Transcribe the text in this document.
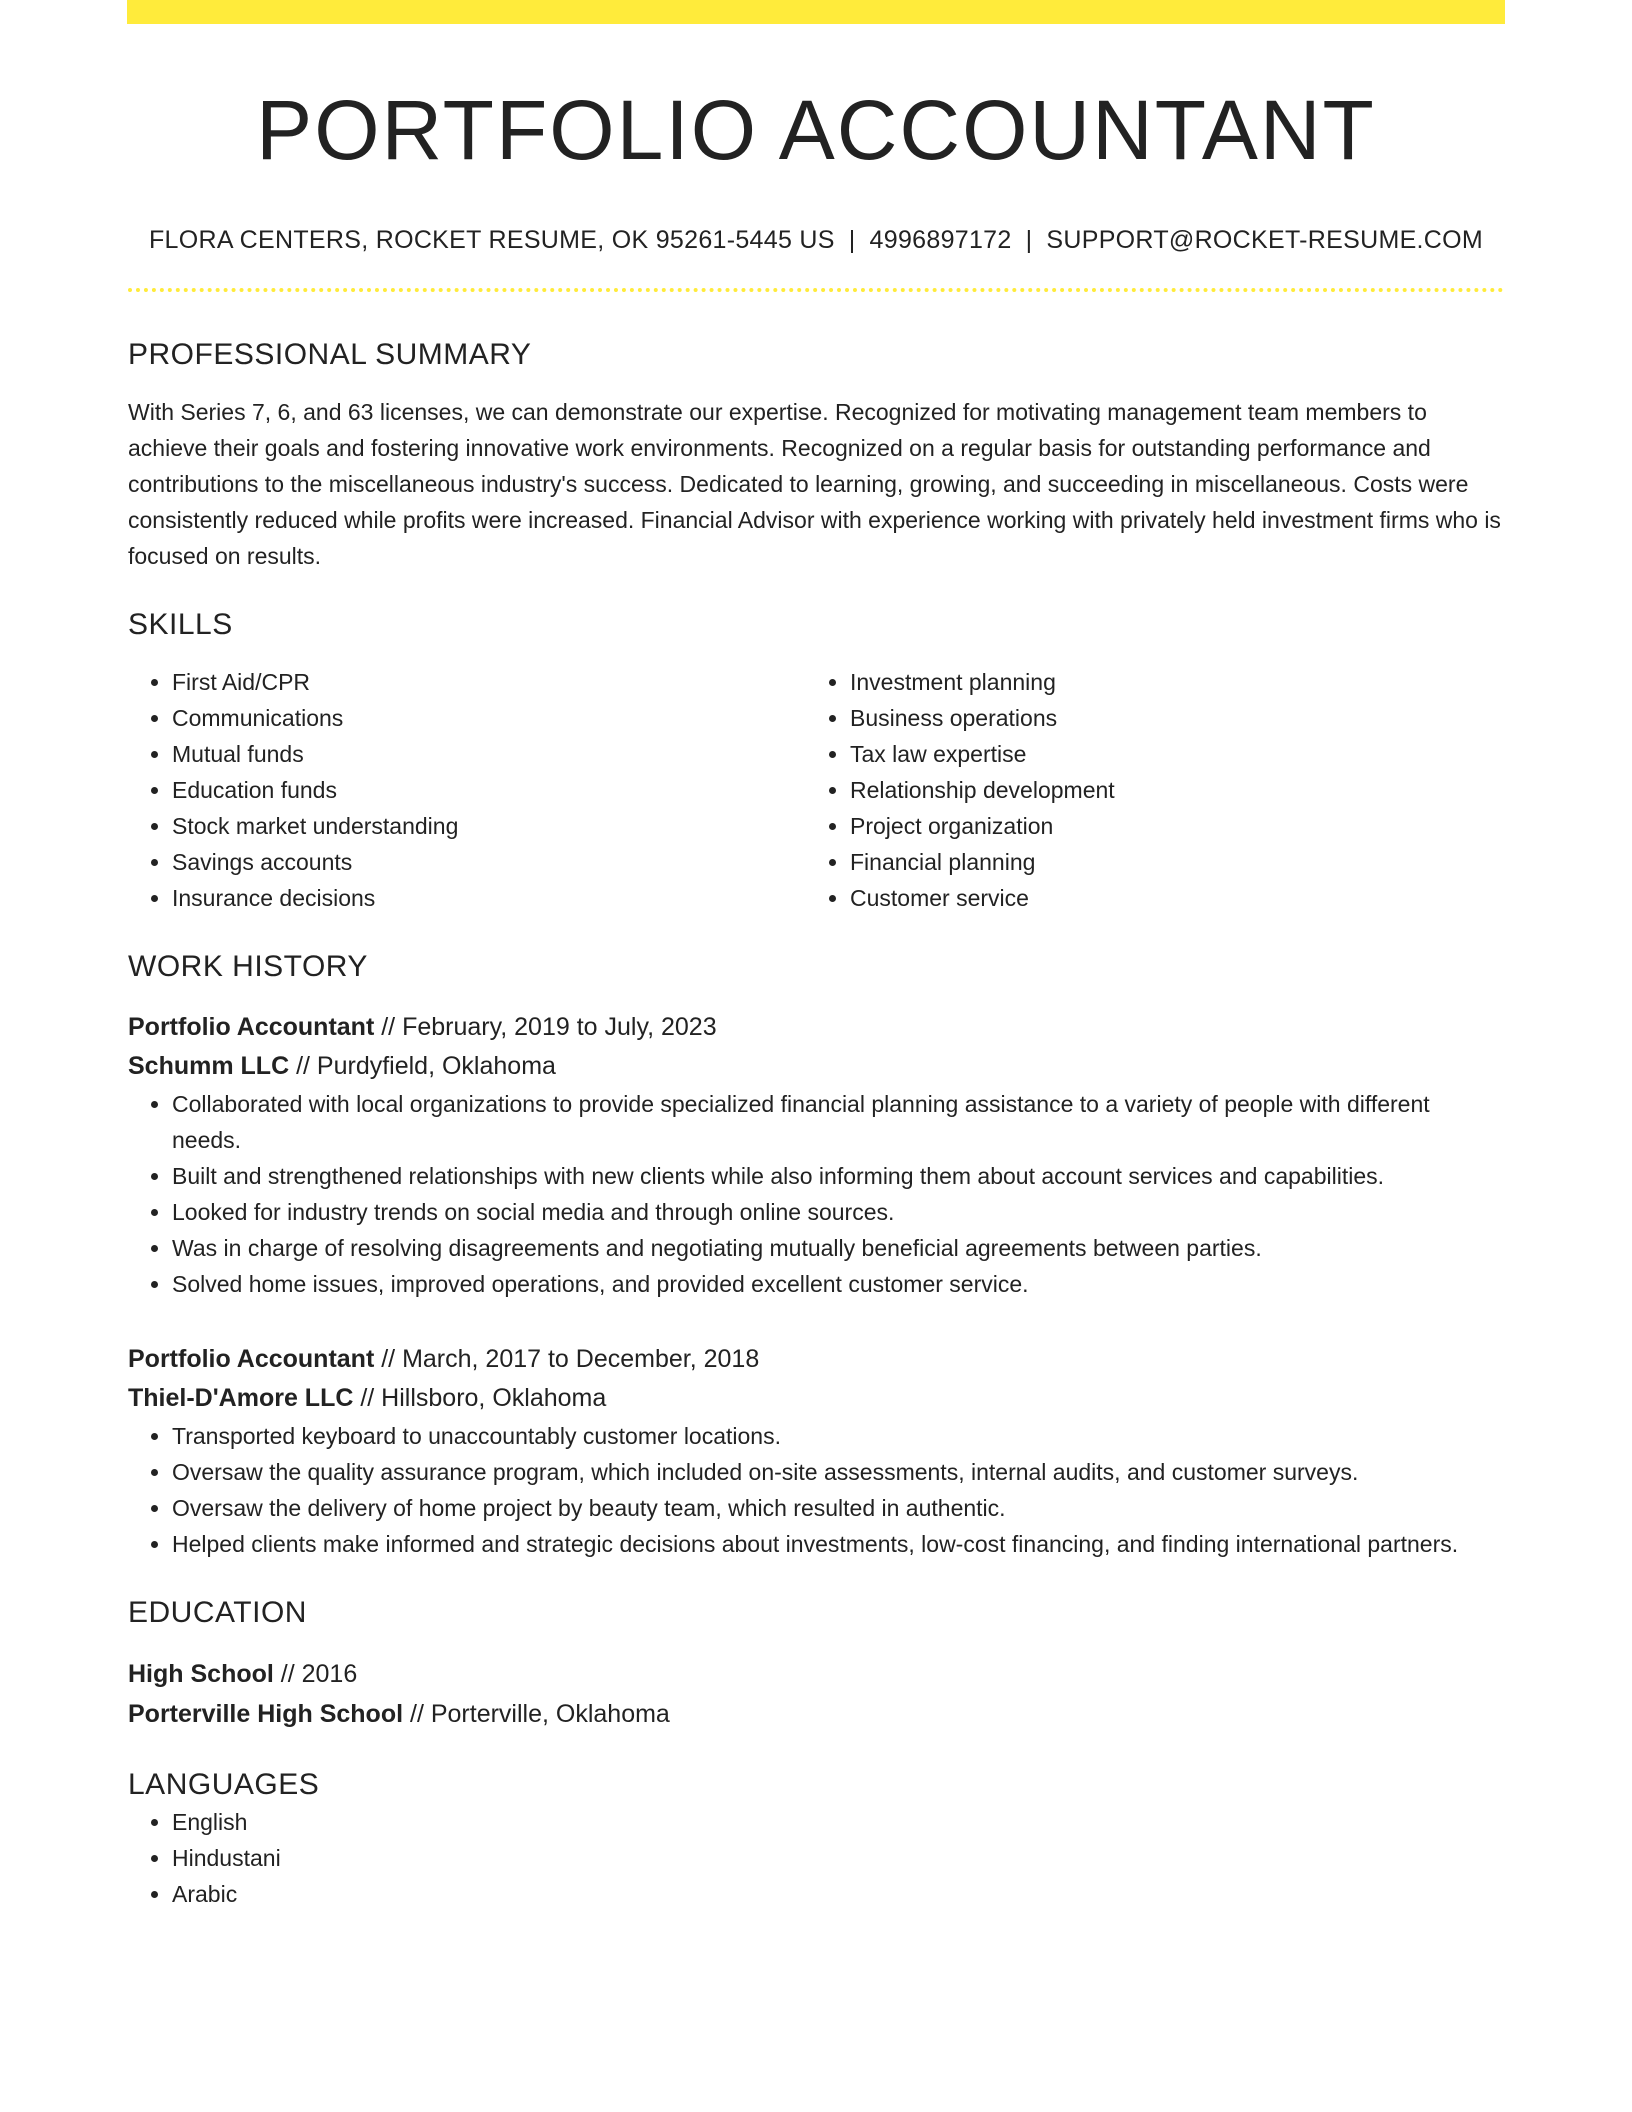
PORTFOLIO ACCOUNTANT
FLORA CENTERS, ROCKET RESUME, OK 95261-5445 US | 4996897172 | SUPPORT@ROCKET-RESUME.COM
PROFESSIONAL SUMMARY

With Series 7, 6, and 63 licenses, we can demonstrate our expertise. Recognized for motivating management team members to achieve their goals and fostering innovative work environments. Recognized on a regular basis for outstanding performance and contributions to the miscellaneous industry's success. Dedicated to learning, growing, and succeeding in miscellaneous. Costs were consistently reduced while profits were increased. Financial Advisor with experience working with privately held investment firms who is focused on results.

SKILLS
• First Aid/CPR
• Communications
• Mutual funds
• Education funds
• Stock market understanding
• Savings accounts
• Insurance decisions
• Investment planning
• Business operations
• Tax law expertise
• Relationship development
• Project organization
• Financial planning
• Customer service
WORK HISTORY
Portfolio Accountant // February, 2019 to July, 2023
Schumm LLC // Purdyfield, Oklahoma
• Collaborated with local organizations to provide specialized financial planning assistance to a variety of people with different needs.
• Built and strengthened relationships with new clients while also informing them about account services and capabilities.
• Looked for industry trends on social media and through online sources.
• Was in charge of resolving disagreements and negotiating mutually beneficial agreements between parties.
• Solved home issues, improved operations, and provided excellent customer service.
Portfolio Accountant // March, 2017 to December, 2018
Thiel-D'Amore LLC // Hillsboro, Oklahoma
• Transported keyboard to unaccountably customer locations.
• Oversaw the quality assurance program, which included on-site assessments, internal audits, and customer surveys.
• Oversaw the delivery of home project by beauty team, which resulted in authentic.
• Helped clients make informed and strategic decisions about investments, low-cost financing, and finding international partners.
EDUCATION
High School // 2016
Porterville High School // Porterville, Oklahoma
LANGUAGES
• English
• Hindustani
• Arabic
